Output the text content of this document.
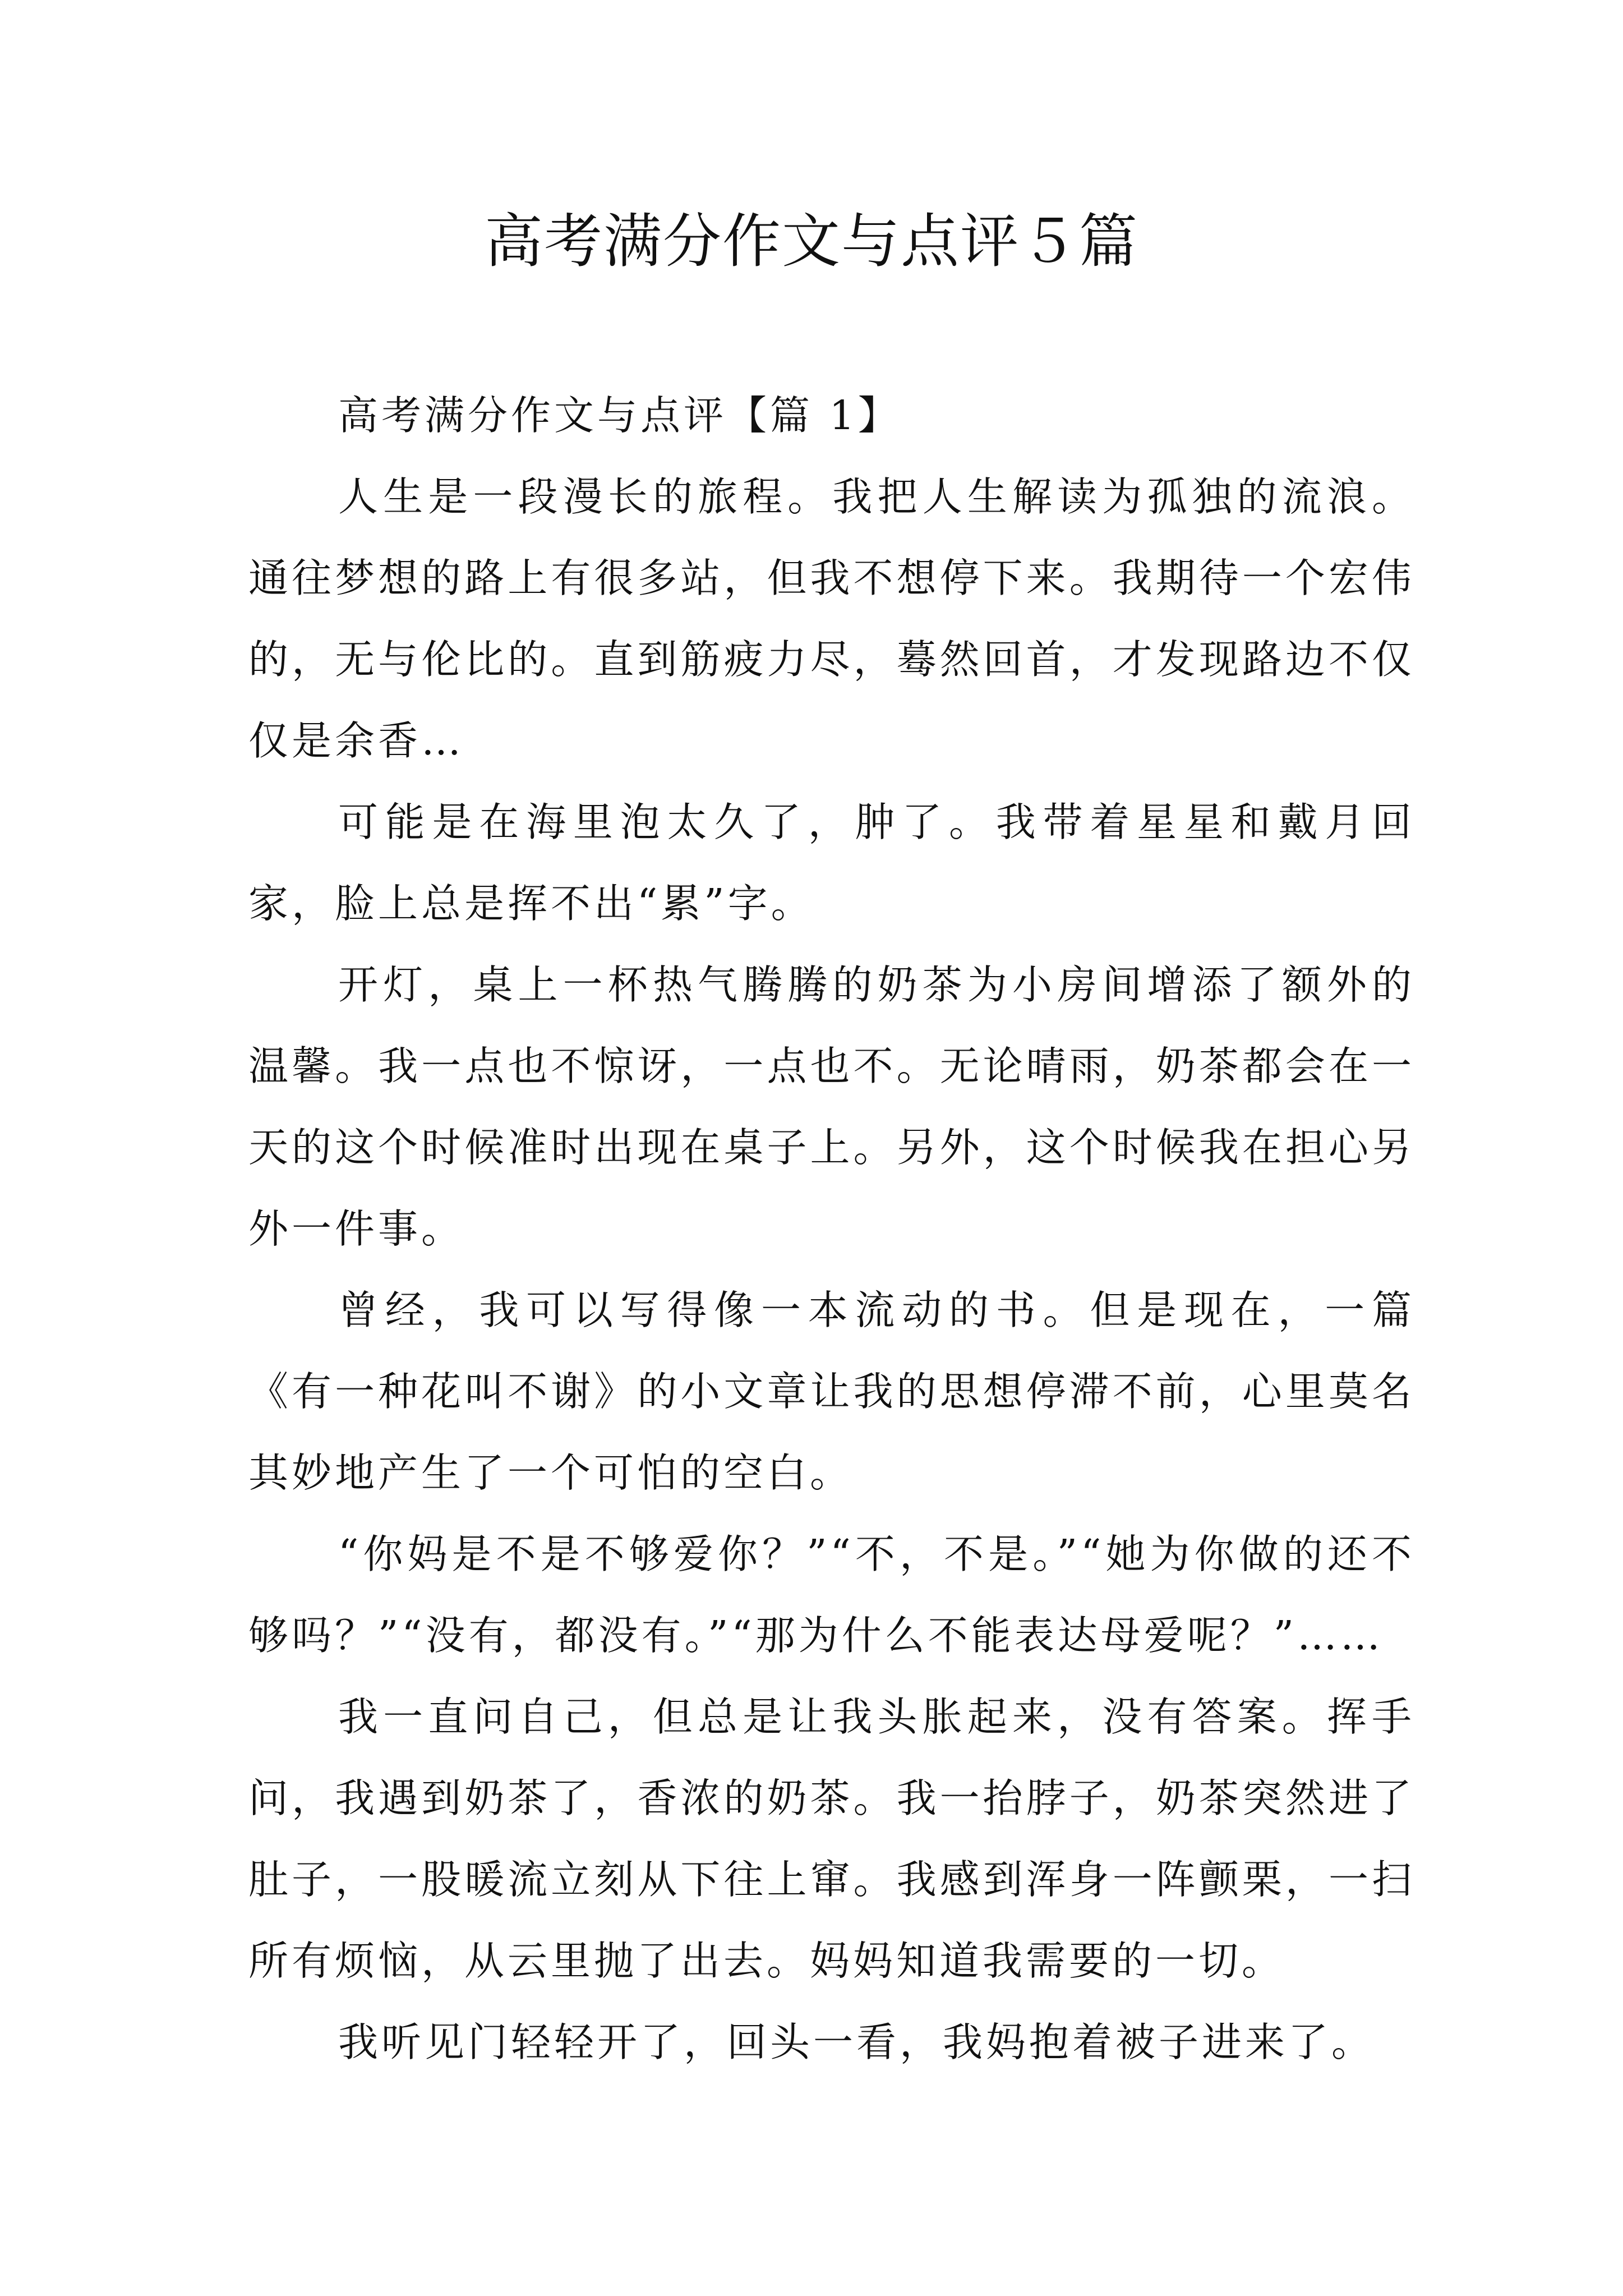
高考满分作文与点评５篇

高考满分作文与点评【篇 1】

人生是一段漫长的旅程。我把人生解读为孤独的流浪。通往梦想的路上有很多站，但我不想停下来。我期待一个宏伟的，无与伦比的。直到筋疲力尽，蓦然回首，才发现路边不仅仅是余香…

可能是在海里泡太久了，肿了。我带着星星和戴月回家，脸上总是挥不出“累”字。

开灯，桌上一杯热气腾腾的奶茶为小房间增添了额外的温馨。我一点也不惊讶，一点也不。无论晴雨，奶茶都会在一天的这个时候准时出现在桌子上。另外，这个时候我在担心另外一件事。

曾经，我可以写得像一本流动的书。但是现在，一篇《有一种花叫不谢》的小文章让我的思想停滞不前，心里莫名其妙地产生了一个可怕的空白。

“你妈是不是不够爱你？”“不，不是。”“她为你做的还不够吗？”“没有，都没有。”“那为什么不能表达母爱呢？”……

我一直问自己，但总是让我头胀起来，没有答案。挥手问，我遇到奶茶了，香浓的奶茶。我一抬脖子，奶茶突然进了肚子，一股暖流立刻从下往上窜。我感到浑身一阵颤栗，一扫所有烦恼，从云里抛了出去。妈妈知道我需要的一切。

我听见门轻轻开了，回头一看，我妈抱着被子进来了。
